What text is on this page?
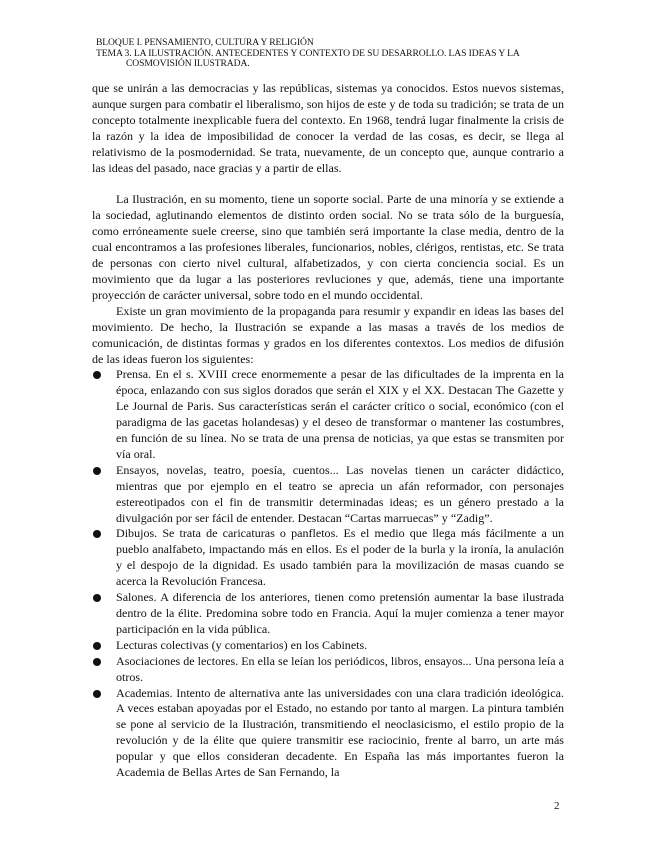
BLOQUE I. PENSAMIENTO, CULTURA Y RELIGIÓN
TEMA 3. LA ILUSTRACIÓN. ANTECEDENTES Y CONTEXTO DE SU DESARROLLO. LAS IDEAS Y LA
COSMOVISIÓN ILUSTRADA.

que se unirán a las democracias y las repúblicas, sistemas ya conocidos. Estos nuevos sistemas, aunque surgen para combatir el liberalismo, son hijos de este y de toda su tradición; se trata de un concepto totalmente inexplicable fuera del contexto. En 1968, tendrá lugar finalmente la crisis de la razón y la idea de imposibilidad de conocer la verdad de las cosas, es decir, se llega al relativismo de la posmodernidad. Se trata, nuevamente, de un concepto que, aunque contrario a las ideas del pasado, nace gracias y a partir de ellas.

La Ilustración, en su momento, tiene un soporte social. Parte de una minoría y se extiende a la sociedad, aglutinando elementos de distinto orden social. No se trata sólo de la burguesía, como erróneamente suele creerse, sino que también será importante la clase media, dentro de la cual encontramos a las profesiones liberales, funcionarios, nobles, clérigos, rentistas, etc. Se trata de personas con cierto nivel cultural, alfabetizados, y con cierta conciencia social. Es un movimiento que da lugar a las posteriores revluciones y que, además, tiene una importante proyección de carácter universal, sobre todo en el mundo occidental.

Existe un gran movimiento de la propaganda para resumir y expandir en ideas las bases del movimiento. De hecho, la Ilustración se expande a las masas a través de los medios de comunicación, de distintas formas y grados en los diferentes contextos. Los medios de difusión de las ideas fueron los siguientes:

Prensa. En el s. XVIII crece enormemente a pesar de las dificultades de la imprenta en la época, enlazando con sus siglos dorados que serán el XIX y el XX. Destacan The Gazette y Le Journal de Paris. Sus características serán el carácter crítico o social, económico (con el paradigma de las gacetas holandesas) y el deseo de transformar o mantener las costumbres, en función de su línea. No se trata de una prensa de noticias, ya que estas se transmiten por vía oral.
Ensayos, novelas, teatro, poesía, cuentos... Las novelas tienen un carácter didáctico, mientras que por ejemplo en el teatro se aprecia un afán reformador, con personajes estereotipados con el fin de transmitir determinadas ideas; es un género prestado a la divulgación por ser fácil de entender. Destacan “Cartas marruecas” y “Zadig”.
Dibujos. Se trata de caricaturas o panfletos. Es el medio que llega más fácilmente a un pueblo analfabeto, impactando más en ellos. Es el poder de la burla y la ironía, la anulación y el despojo de la dignidad. Es usado también para la movilización de masas cuando se acerca la Revolución Francesa.
Salones. A diferencia de los anteriores, tienen como pretensión aumentar la base ilustrada dentro de la élite. Predomina sobre todo en Francia. Aquí la mujer comienza a tener mayor participación en la vida pública.
Lecturas colectivas (y comentarios) en los Cabinets.
Asociaciones de lectores. En ella se leían los periódicos, libros, ensayos... Una persona leía a otros.
Academias. Intento de alternativa ante las universidades con una clara tradición ideológica. A veces estaban apoyadas por el Estado, no estando por tanto al margen. La pintura también se pone al servicio de la Ilustración, transmitiendo el neoclasicismo, el estilo propio de la revolución y de la élite que quiere transmitir ese raciocinio, frente al barro, un arte más popular y que ellos consideran decadente. En España las más importantes fueron la Academia de Bellas Artes de San Fernando, la
2
